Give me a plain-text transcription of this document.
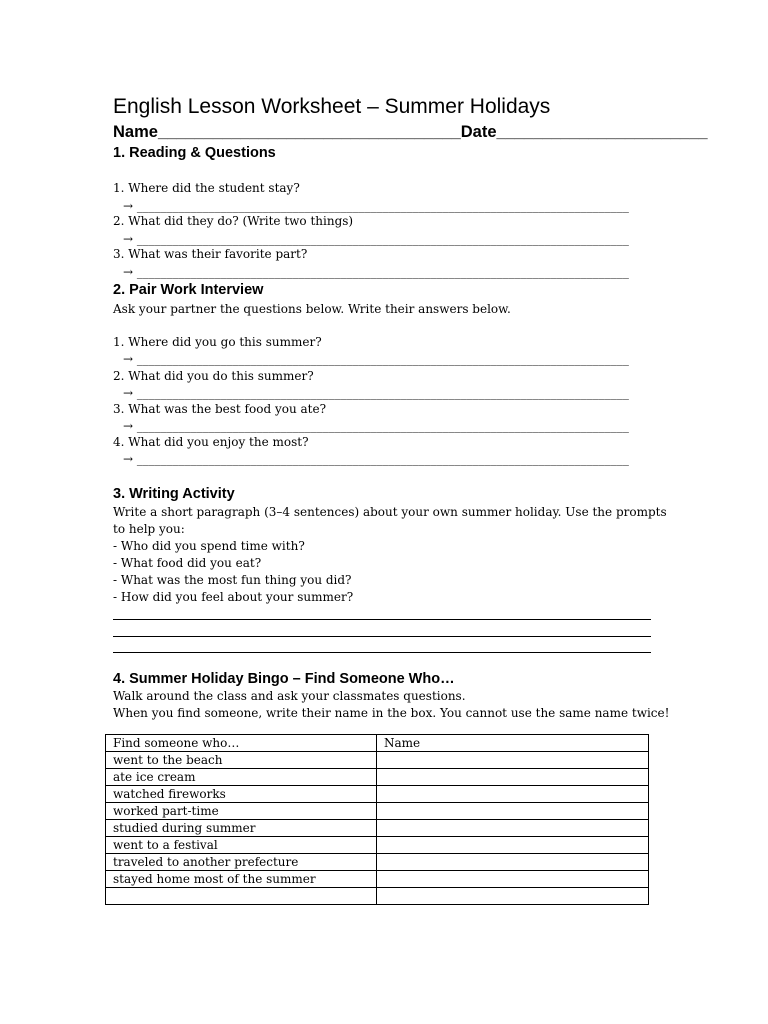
English Lesson Worksheet – Summer Holidays
Name_________________________________Date_______________________
1. Reading & Questions
1. Where did the student stay?
→ __________________________________________________________________________________
2. What did they do? (Write two things)
→ __________________________________________________________________________________
3. What was their favorite part?
→ __________________________________________________________________________________
2. Pair Work Interview
Ask your partner the questions below. Write their answers below.
1. Where did you go this summer?
→ __________________________________________________________________________________
2. What did you do this summer?
→ __________________________________________________________________________________
3. What was the best food you ate?
→ __________________________________________________________________________________
4. What did you enjoy the most?
→ __________________________________________________________________________________
3. Writing Activity
Write a short paragraph (3–4 sentences) about your own summer holiday. Use the prompts
to help you:
- Who did you spend time with?
- What food did you eat?
- What was the most fun thing you did?
- How did you feel about your summer?
4. Summer Holiday Bingo – Find Someone Who…
Walk around the class and ask your classmates questions.
When you find someone, write their name in the box. You cannot use the same name twice!
Find someone who…	Name
went to the beach	
ate ice cream	
watched fireworks	
worked part-time	
studied during summer	
went to a festival	
traveled to another prefecture	
stayed home most of the summer	
